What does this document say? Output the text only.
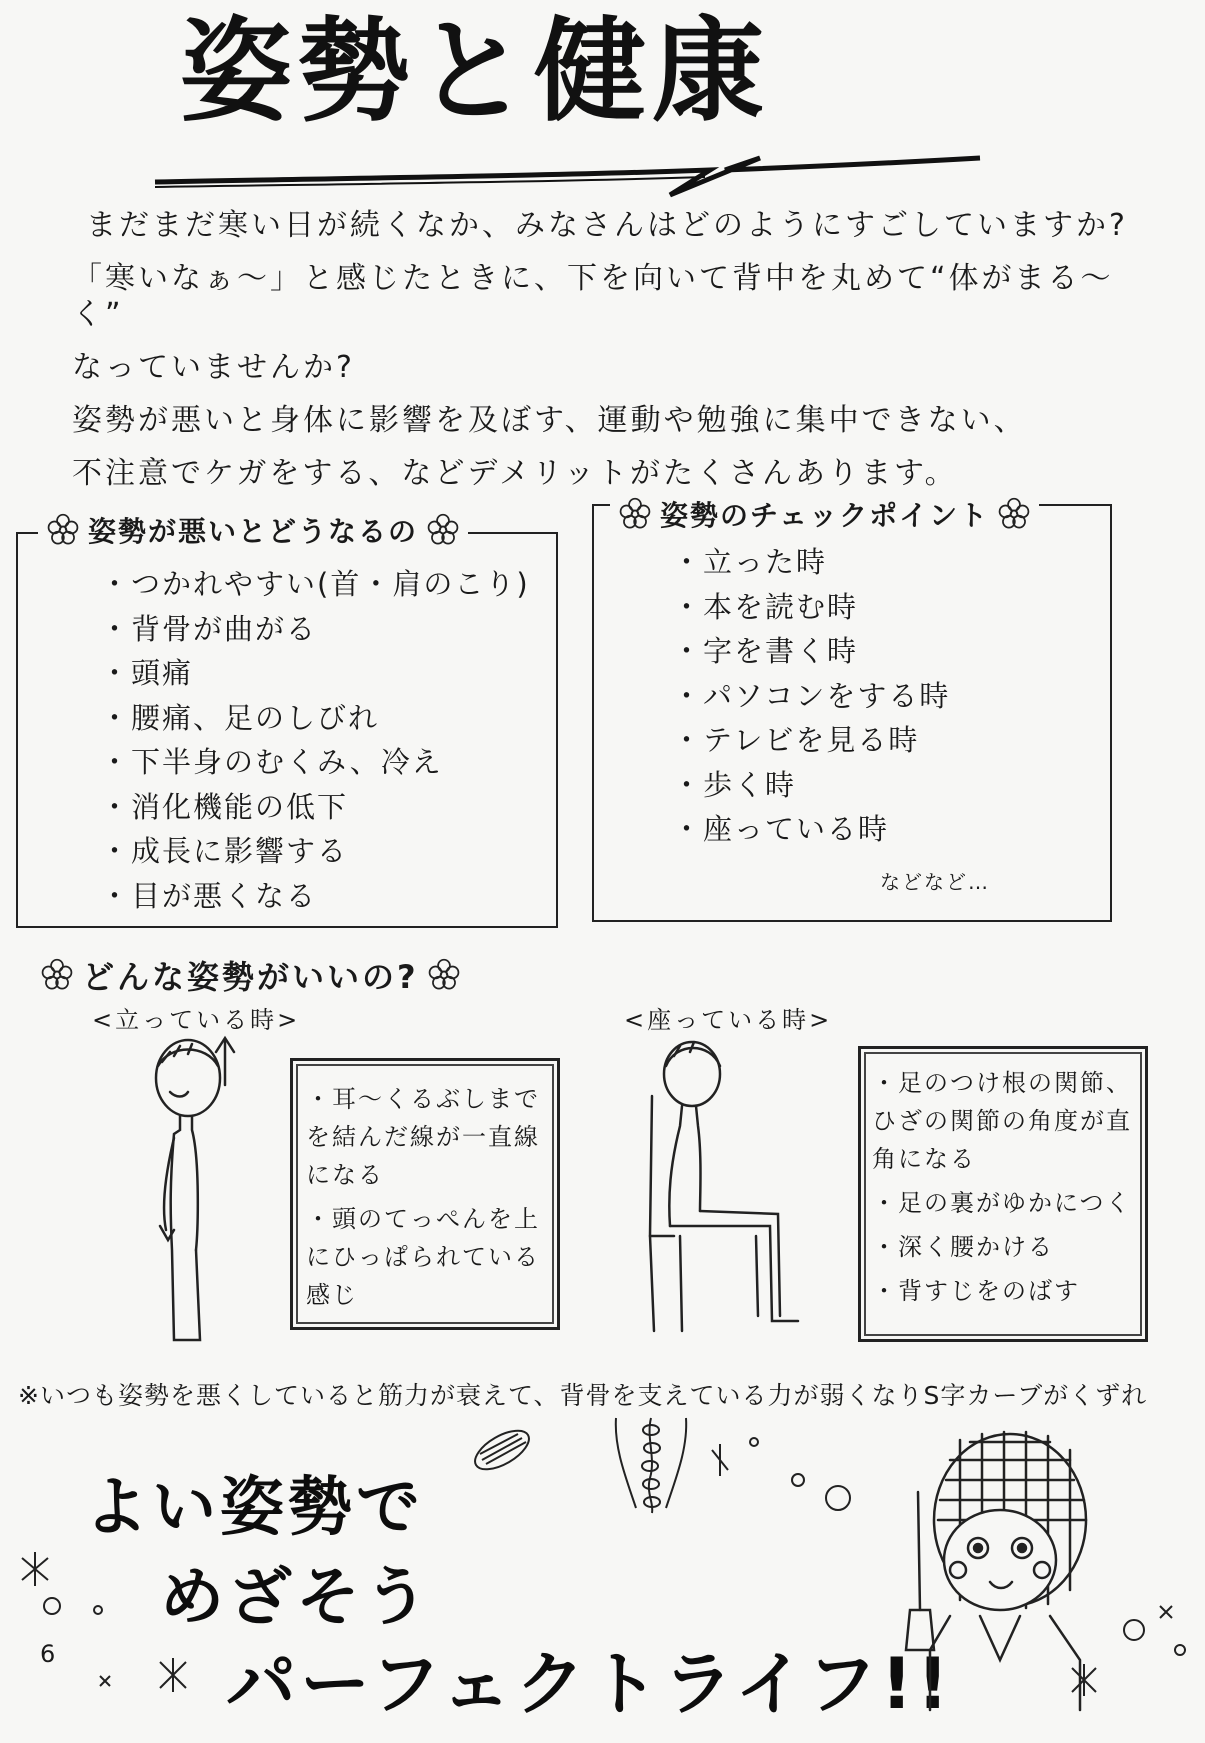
姿勢と健康

まだまだ寒い日が続くなか、みなさんはどのようにすごしていますか?

「寒いなぁ〜」と感じたときに、下を向いて背中を丸めて“体がまる〜く”

なっていませんか?

姿勢が悪いと身体に影響を及ぼす、運動や勉強に集中できない、

不注意でケガをする、などデメリットがたくさんあります。

姿勢が悪いとどうなるの
・ つかれやすい(首・肩のこり)
・ 背骨が曲がる
・ 頭痛
・ 腰痛、足のしびれ
・ 下半身のむくみ、冷え
・ 消化機能の低下
・ 成長に影響する
・ 目が悪くなる
姿勢のチェックポイント
・ 立った時
・ 本を読む時
・ 字を書く時
・ パソコンをする時
・ テレビを見る時
・ 歩く時
・ 座っている時
などなど…
どんな姿勢がいいの?
<立っている時>	<座っている時>

・ 耳〜くるぶしまでを結んだ線が一直線になる

・ 頭のてっぺんを上にひっぱられている感じ

・ 足のつけ根の関節、ひざの関節の角度が直角になる

・ 足の裏がゆかにつく

・ 深く腰かける

・ 背すじをのばす

※いつも姿勢を悪くしていると筋力が衰えて、背骨を支えている力が弱くなりS字カーブがくずれ
よい姿勢で
めざそう
パーフェクトライフ!!
6
